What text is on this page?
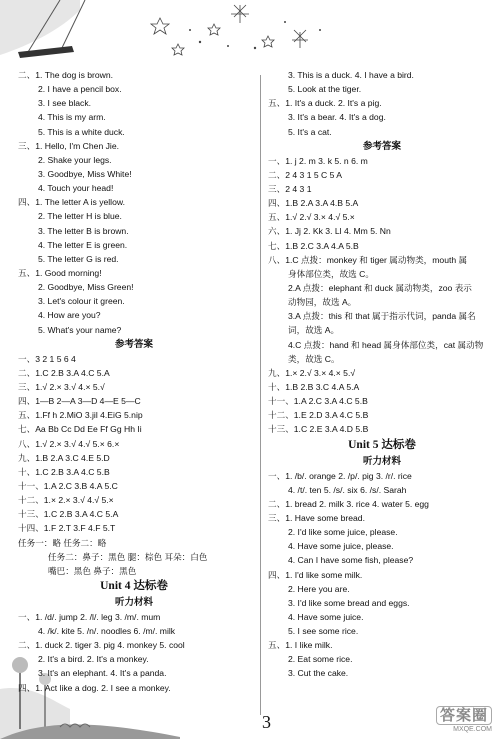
二、1. The dog is brown.
2. I have a pencil box.
3. I see black.
4. This is my arm.
5. This is a white duck.
三、1. Hello, I'm Chen Jie.
2. Shake your legs.
3. Goodbye, Miss White!
4. Touch your head!
四、1. The letter A is yellow.
2. The letter H is blue.
3. The letter B is brown.
4. The letter E is green.
5. The letter G is red.
五、1. Good morning!
2. Goodbye, Miss Green!
3. Let's colour it green.
4. How are you?
5. What's your name?
参考答案
一、3 2 1 5 6 4
二、1.C 2.B 3.A 4.C 5.A
三、1.√ 2.× 3.√ 4.× 5.√
四、1—B 2—A 3—D 4—E 5—C
五、1.Ff h 2.MiO 3.jil 4.EiG 5.nip
七、Aa Bb Cc Dd Ee Ff Gg Hh Ii
八、1.√ 2.× 3.√ 4.√ 5.× 6.×
九、1.B 2.A 3.C 4.E 5.D
十、1.C 2.B 3.A 4.C 5.B
十一、1.A 2.C 3.B 4.A 5.C
十二、1.× 2.× 3.√ 4.√ 5.×
十三、1.C 2.B 3.A 4.C 5.A
十四、1.F 2.T 3.F 4.F 5.T
任务一：略 任务二：略
任务二：鼻子：黑色 腿：棕色 耳朵：白色
嘴巴：黑色 鼻子：黑色
Unit 4 达标卷
听力材料
一、1. /d/. jump 2. /l/. leg 3. /m/. mum
4. /k/. kite 5. /n/. noodles 6. /m/. milk
二、1. duck 2. tiger 3. pig 4. monkey 5. cool
2. It's a bird. 2. It's a monkey.
3. It's an elephant. 4. It's a panda.
四、1. Act like a dog. 2. I see a monkey.
3. This is a duck. 4. I have a bird.
5. Look at the tiger.
五、1. It's a duck. 2. It's a pig.
3. It's a bear. 4. It's a dog.
5. It's a cat.
参考答案
一、1. j 2. m 3. k 5. n 6. m
二、2 4 3 1 5 C 5 A
三、2 4 3 1
四、1.B 2.A 3.A 4.B 5.A
五、1.√ 2.√ 3.× 4.√ 5.×
六、1. Jj 2. Kk 3. Ll 4. Mm 5. Nn
七、1.B 2.C 3.A 4.A 5.B
八、1.C 点拨：monkey 和 tiger 属动物类，mouth 属
身体部位类，故选 C。
2.A 点拨：elephant 和 duck 属动物类，zoo 表示
动物园，故选 A。
3.A 点拨：this 和 that 属于指示代词，panda 属名
词，故选 A。
4.C 点拨：hand 和 head 属身体部位类，cat 属动物
类，故选 C。
九、1.× 2.√ 3.× 4.× 5.√
十、1.B 2.B 3.C 4.A 5.A
十一、1.A 2.C 3.A 4.C 5.B
十二、1.E 2.D 3.A 4.C 5.B
十三、1.C 2.E 3.A 4.D 5.B
Unit 5 达标卷
听力材料
一、1. /b/. orange 2. /p/. pig 3. /r/. rice
4. /t/. ten 5. /s/. six 6. /s/. Sarah
二、1. bread 2. milk 3. rice 4. water 5. egg
三、1. Have some bread.
2. I'd like some juice, please.
4. Have some juice, please.
4. Can I have some fish, please?
四、1. I'd like some milk.
2. Here you are.
3. I'd like some bread and eggs.
4. Have some juice.
5. I see some rice.
五、1. I like milk.
2. Eat some rice.
3. Cut the cake.
3	答案圈
MXQE.COM
